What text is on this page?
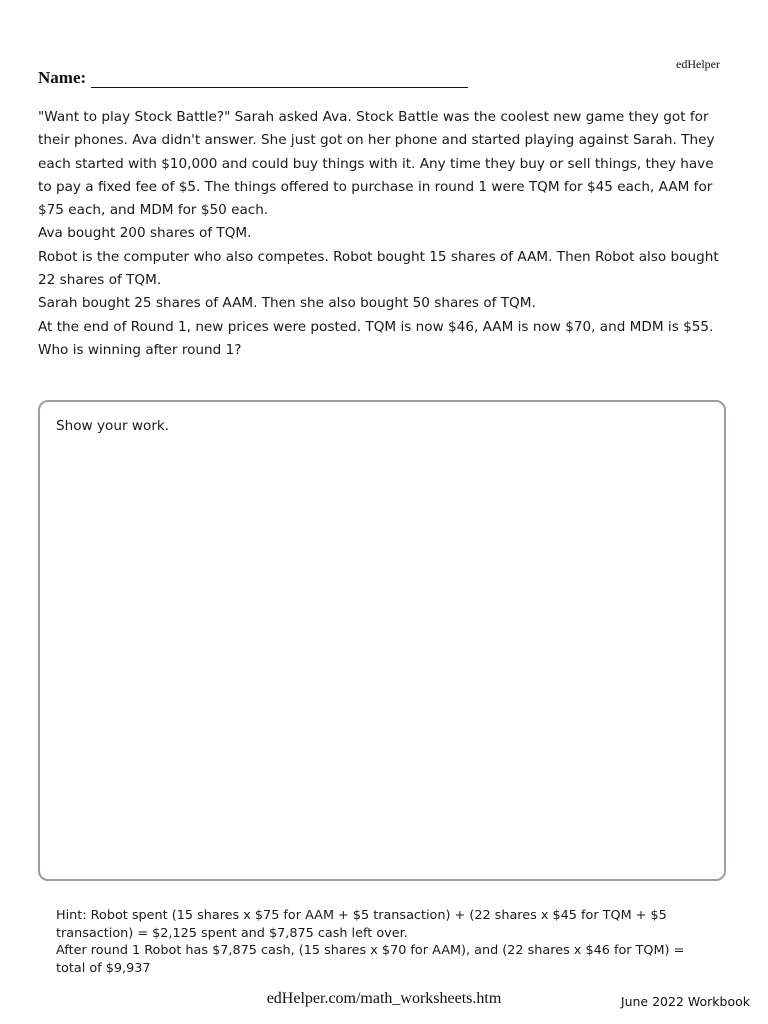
edHelper
Name:

"Want to play Stock Battle?" Sarah asked Ava. Stock Battle was the coolest new game they got for their phones. Ava didn't answer. She just got on her phone and started playing against Sarah. They each started with $10,000 and could buy things with it. Any time they buy or sell things, they have to pay a fixed fee of $5. The things offered to purchase in round 1 were TQM for $45 each, AAM for $75 each, and MDM for $50 each.

Ava bought 200 shares of TQM.

Robot is the computer who also competes. Robot bought 15 shares of AAM. Then Robot also bought 22 shares of TQM.

Sarah bought 25 shares of AAM. Then she also bought 50 shares of TQM.

At the end of Round 1, new prices were posted. TQM is now $46, AAM is now $70, and MDM is $55. Who is winning after round 1?

Show your work.

Hint: Robot spent (15 shares x $75 for AAM + $5 transaction) + (22 shares x $45 for TQM + $5 transaction) = $2,125 spent and $7,875 cash left over.

After round 1 Robot has $7,875 cash, (15 shares x $70 for AAM), and (22 shares x $46 for TQM) = total of $9,937

edHelper.com/math_worksheets.htm	June 2022 Workbook
